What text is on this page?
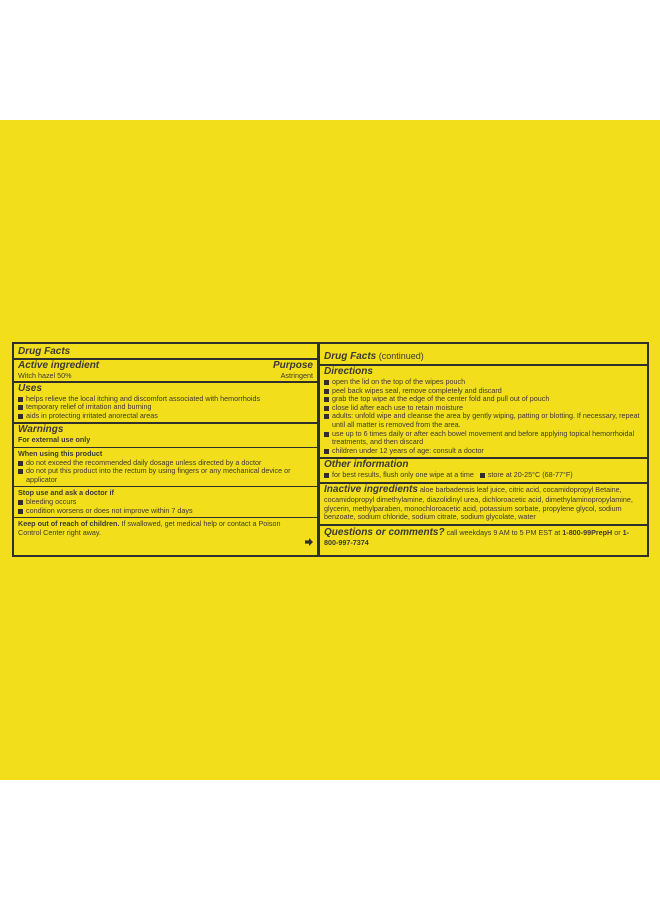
Drug Facts
Active ingredient	Purpose
Witch hazel 50%	Astringent
Uses
helps relieve the local itching and discomfort associated with hemorrhoids
temporary relief of irritation and burning
aids in protecting irritated anorectal areas
Warnings
For external use only
When using this product
do not exceed the recommended daily dosage unless directed by a doctor
do not put this product into the rectum by using fingers or any mechanical device or applicator
Stop use and ask a doctor if
bleeding occurs
condition worsens or does not improve within 7 days
Keep out of reach of children. If swallowed, get medical help or contact a Poison Control Center right away.
Drug Facts (continued)
Directions
open the lid on the top of the wipes pouch
peel back wipes seal, remove completely and discard
grab the top wipe at the edge of the center fold and pull out of pouch
close lid after each use to retain moisture
adults: unfold wipe and cleanse the area by gently wiping, patting or blotting. If necessary, repeat until all matter is removed from the area.
use up to 6 times daily or after each bowel movement and before applying topical hemorrhoidal treatments, and then discard
children under 12 years of age: consult a doctor
Other information
for best results, flush only one wipe at a time store at 20-25°C (68-77°F)
Inactive ingredients aloe barbadensis leaf juice, citric acid, cocamidopropyl Betaine, cocamidopropyl dimethylamine, diazolidinyl urea, dichloroacetic acid, dimethylaminopropylamine, glycerin, methylparaben, monochloroacetic acid, potassium sorbate, propylene glycol, sodium benzoate, sodium chloride, sodium citrate, sodium glycolate, water
Questions or comments? call weekdays 9 AM to 5 PM EST at 1-800-99PrepH or 1-800-997-7374
